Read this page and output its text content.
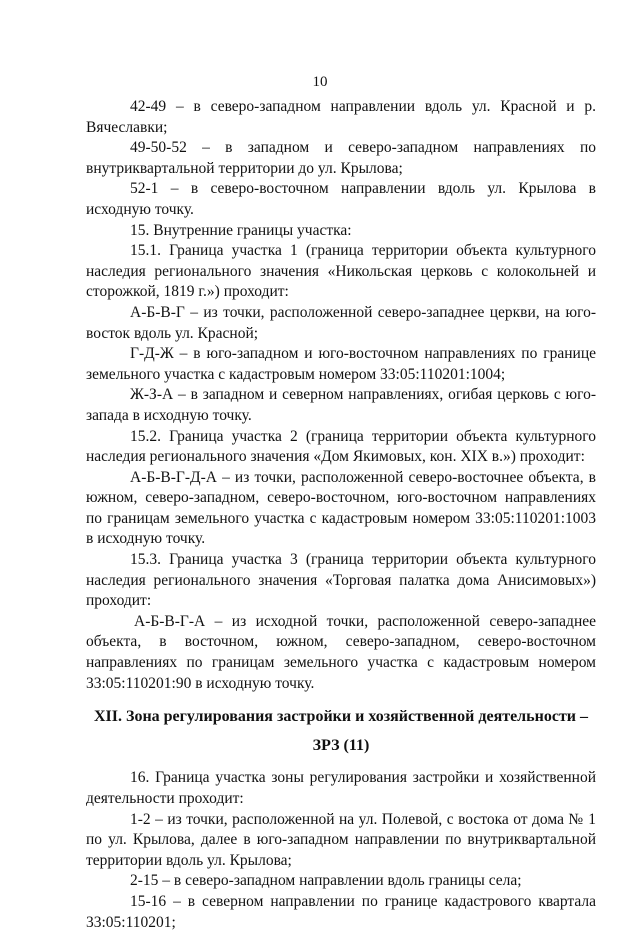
10

42-49 – в северо-западном направлении вдоль ул. Красной и р. Вячеславки;

49-50-52 – в западном и северо-западном направлениях по внутриквартальной территории до ул. Крылова;

52-1 – в северо-восточном направлении вдоль ул. Крылова в исходную точку.

15. Внутренние границы участка:

15.1. Граница участка 1 (граница территории объекта культурного наследия регионального значения «Никольская церковь с колокольней и сторожкой, 1819 г.») проходит:

А-Б-В-Г – из точки, расположенной северо-западнее церкви, на юго-восток вдоль ул. Красной;

Г-Д-Ж – в юго-западном и юго-восточном направлениях по границе земельного участка с кадастровым номером 33:05:110201:1004;

Ж-З-А – в западном и северном направлениях, огибая церковь с юго-запада в исходную точку.

15.2. Граница участка 2 (граница территории объекта культурного наследия регионального значения «Дом Якимовых, кон. XIX в.») проходит:

А-Б-В-Г-Д-А – из точки, расположенной северо-восточнее объекта, в южном, северо-западном, северо-восточном, юго-восточном направлениях по границам земельного участка с кадастровым номером 33:05:110201:1003 в исходную точку.

15.3. Граница участка 3 (граница территории объекта культурного наследия регионального значения «Торговая палатка дома Анисимовых») проходит:

А-Б-В-Г-А – из исходной точки, расположенной северо-западнее объекта, в восточном, южном, северо-западном, северо-восточном направлениях по границам земельного участка с кадастровым номером 33:05:110201:90 в исходную точку.

XII. Зона регулирования застройки и хозяйственной деятельности –

ЗРЗ (11)

16. Граница участка зоны регулирования застройки и хозяйственной деятельности проходит:

1-2 – из точки, расположенной на ул. Полевой, с востока от дома № 1 по ул. Крылова, далее в юго-западном направлении по внутриквартальной территории вдоль ул. Крылова;

2-15 – в северо-западном направлении вдоль границы села;

15-16 – в северном направлении по границе кадастрового квартала 33:05:110201;
